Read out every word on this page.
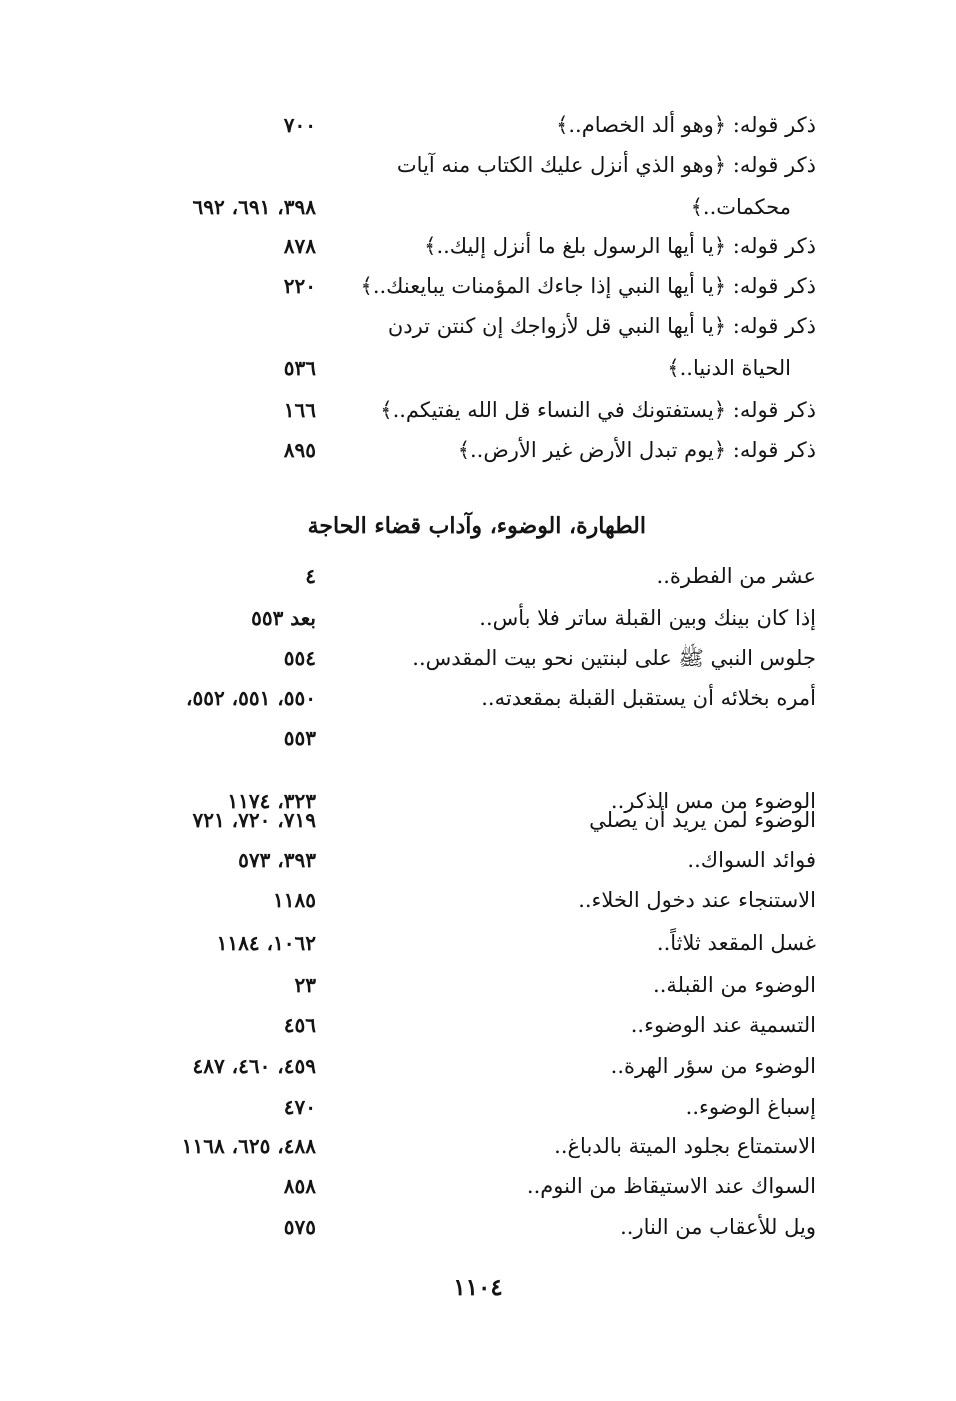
ذكر قوله: ﴿وهو ألد الخصام..﴾
٧٠٠
ذكر قوله: ﴿وهو الذي أنزل عليك الكتاب منه آيات
محكمات..﴾
٣٩٨، ٦٩١، ٦٩٢
ذكر قوله: ﴿يا أيها الرسول بلغ ما أنزل إليك..﴾
٨٧٨
ذكر قوله: ﴿يا أيها النبي إذا جاءك المؤمنات يبايعنك..﴾
٢٢٠
ذكر قوله: ﴿يا أيها النبي قل لأزواجك إن كنتن تردن
الحياة الدنيا..﴾
٥٣٦
ذكر قوله: ﴿يستفتونك في النساء قل الله يفتيكم..﴾
١٦٦
ذكر قوله: ﴿يوم تبدل الأرض غير الأرض..﴾
٨٩٥
الطهارة، الوضوء، وآداب قضاء الحاجة
عشر من الفطرة..
٤
إذا كان بينك وبين القبلة ساتر فلا بأس..
بعد ٥٥٣
جلوس النبي ﷺ على لبنتين نحو بيت المقدس..
٥٥٤
أمره بخلائه أن يستقبل القبلة بمقعدته..
٥٥٠، ٥٥١، ٥٥٢،
٥٥٣
الوضوء من مس الذكر..
٣٢٣، ١١٧٤
الوضوء لمن يريد أن يصلي
٧١٩، ٧٢٠، ٧٢١
فوائد السواك..
٣٩٣، ٥٧٣
الاستنجاء عند دخول الخلاء..
١١٨٥
غسل المقعد ثلاثاً..
١٠٦٢، ١١٨٤
الوضوء من القبلة..
٢٣
التسمية عند الوضوء..
٤٥٦
الوضوء من سؤر الهرة..
٤٥٩، ٤٦٠، ٤٨٧
إسباغ الوضوء..
٤٧٠
الاستمتاع بجلود الميتة بالدباغ..
٤٨٨، ٦٢٥، ١١٦٨
السواك عند الاستيقاظ من النوم..
٨٥٨
ويل للأعقاب من النار..
٥٧٥
١١٠٤
